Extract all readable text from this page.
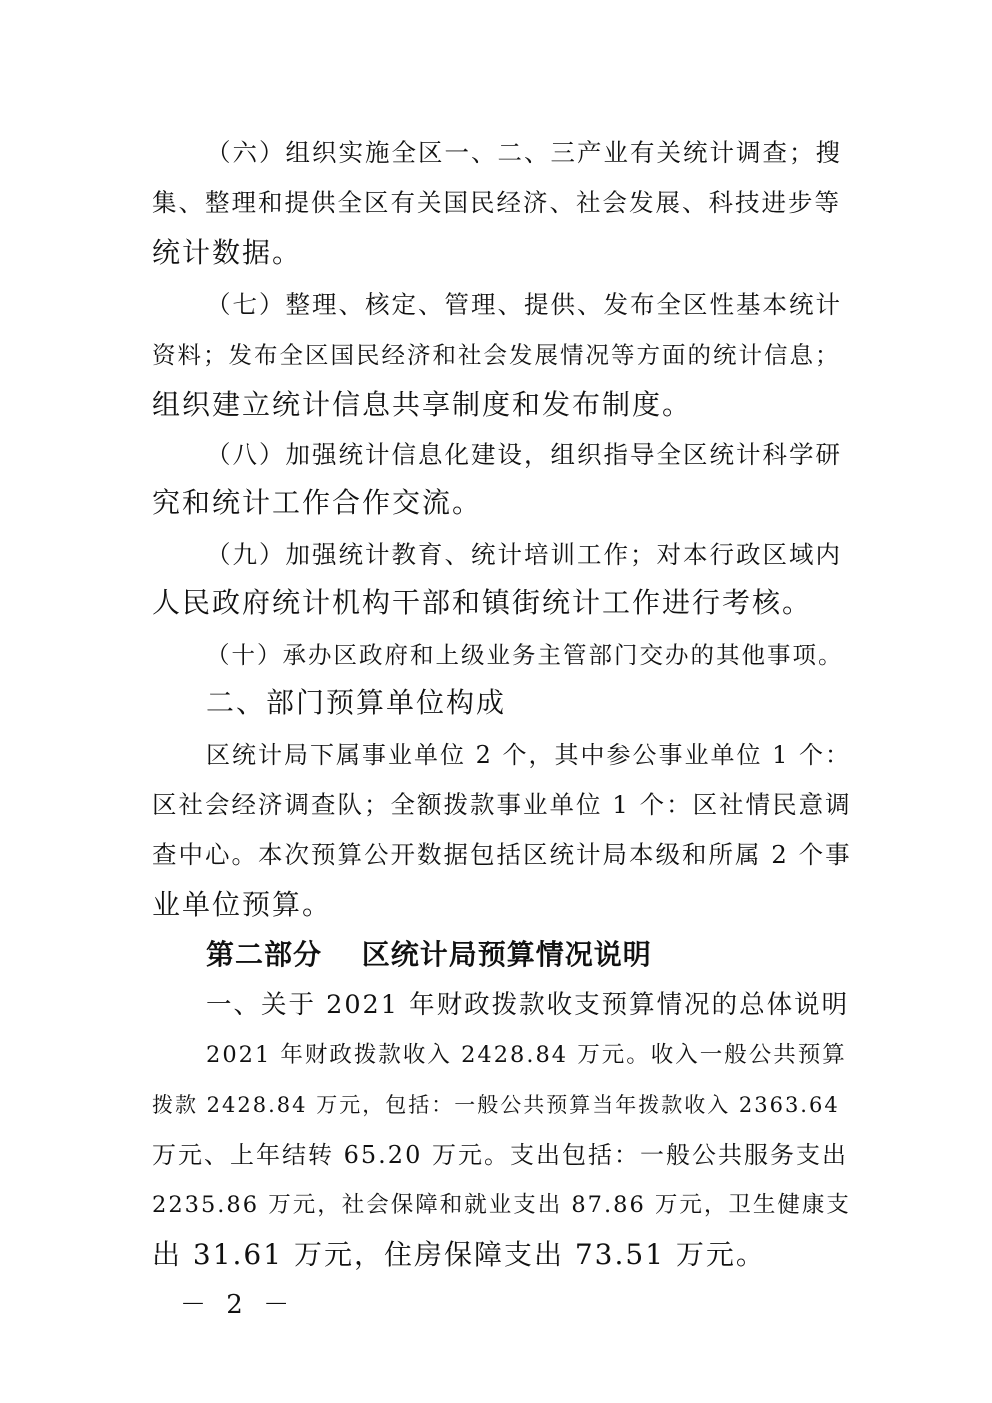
（六）组织实施全区一、二、三产业有关统计调查；搜
集、整理和提供全区有关国民经济、社会发展、科技进步等
统计数据。
（七）整理、核定、管理、提供、发布全区性基本统计
资料；发布全区国民经济和社会发展情况等方面的统计信息；
组织建立统计信息共享制度和发布制度。
（八）加强统计信息化建设，组织指导全区统计科学研
究和统计工作合作交流。
（九）加强统计教育、统计培训工作；对本行政区域内
人民政府统计机构干部和镇街统计工作进行考核。
（十）承办区政府和上级业务主管部门交办的其他事项。
二、部门预算单位构成
区统计局下属事业单位 2 个，其中参公事业单位 1 个：
区社会经济调查队；全额拨款事业单位 1 个：区社情民意调
查中心。本次预算公开数据包括区统计局本级和所属 2 个事
业单位预算。
第二部分　 区统计局预算情况说明
一、关于 2021 年财政拨款收支预算情况的总体说明
2021 年财政拨款收入 2428.84 万元。收入一般公共预算
拨款 2428.84 万元，包括：一般公共预算当年拨款收入 2363.64
万元、上年结转 65.20 万元。支出包括：一般公共服务支出
2235.86 万元，社会保障和就业支出 87.86 万元，卫生健康支
出 31.61 万元，住房保障支出 73.51 万元。
－ 2 －
